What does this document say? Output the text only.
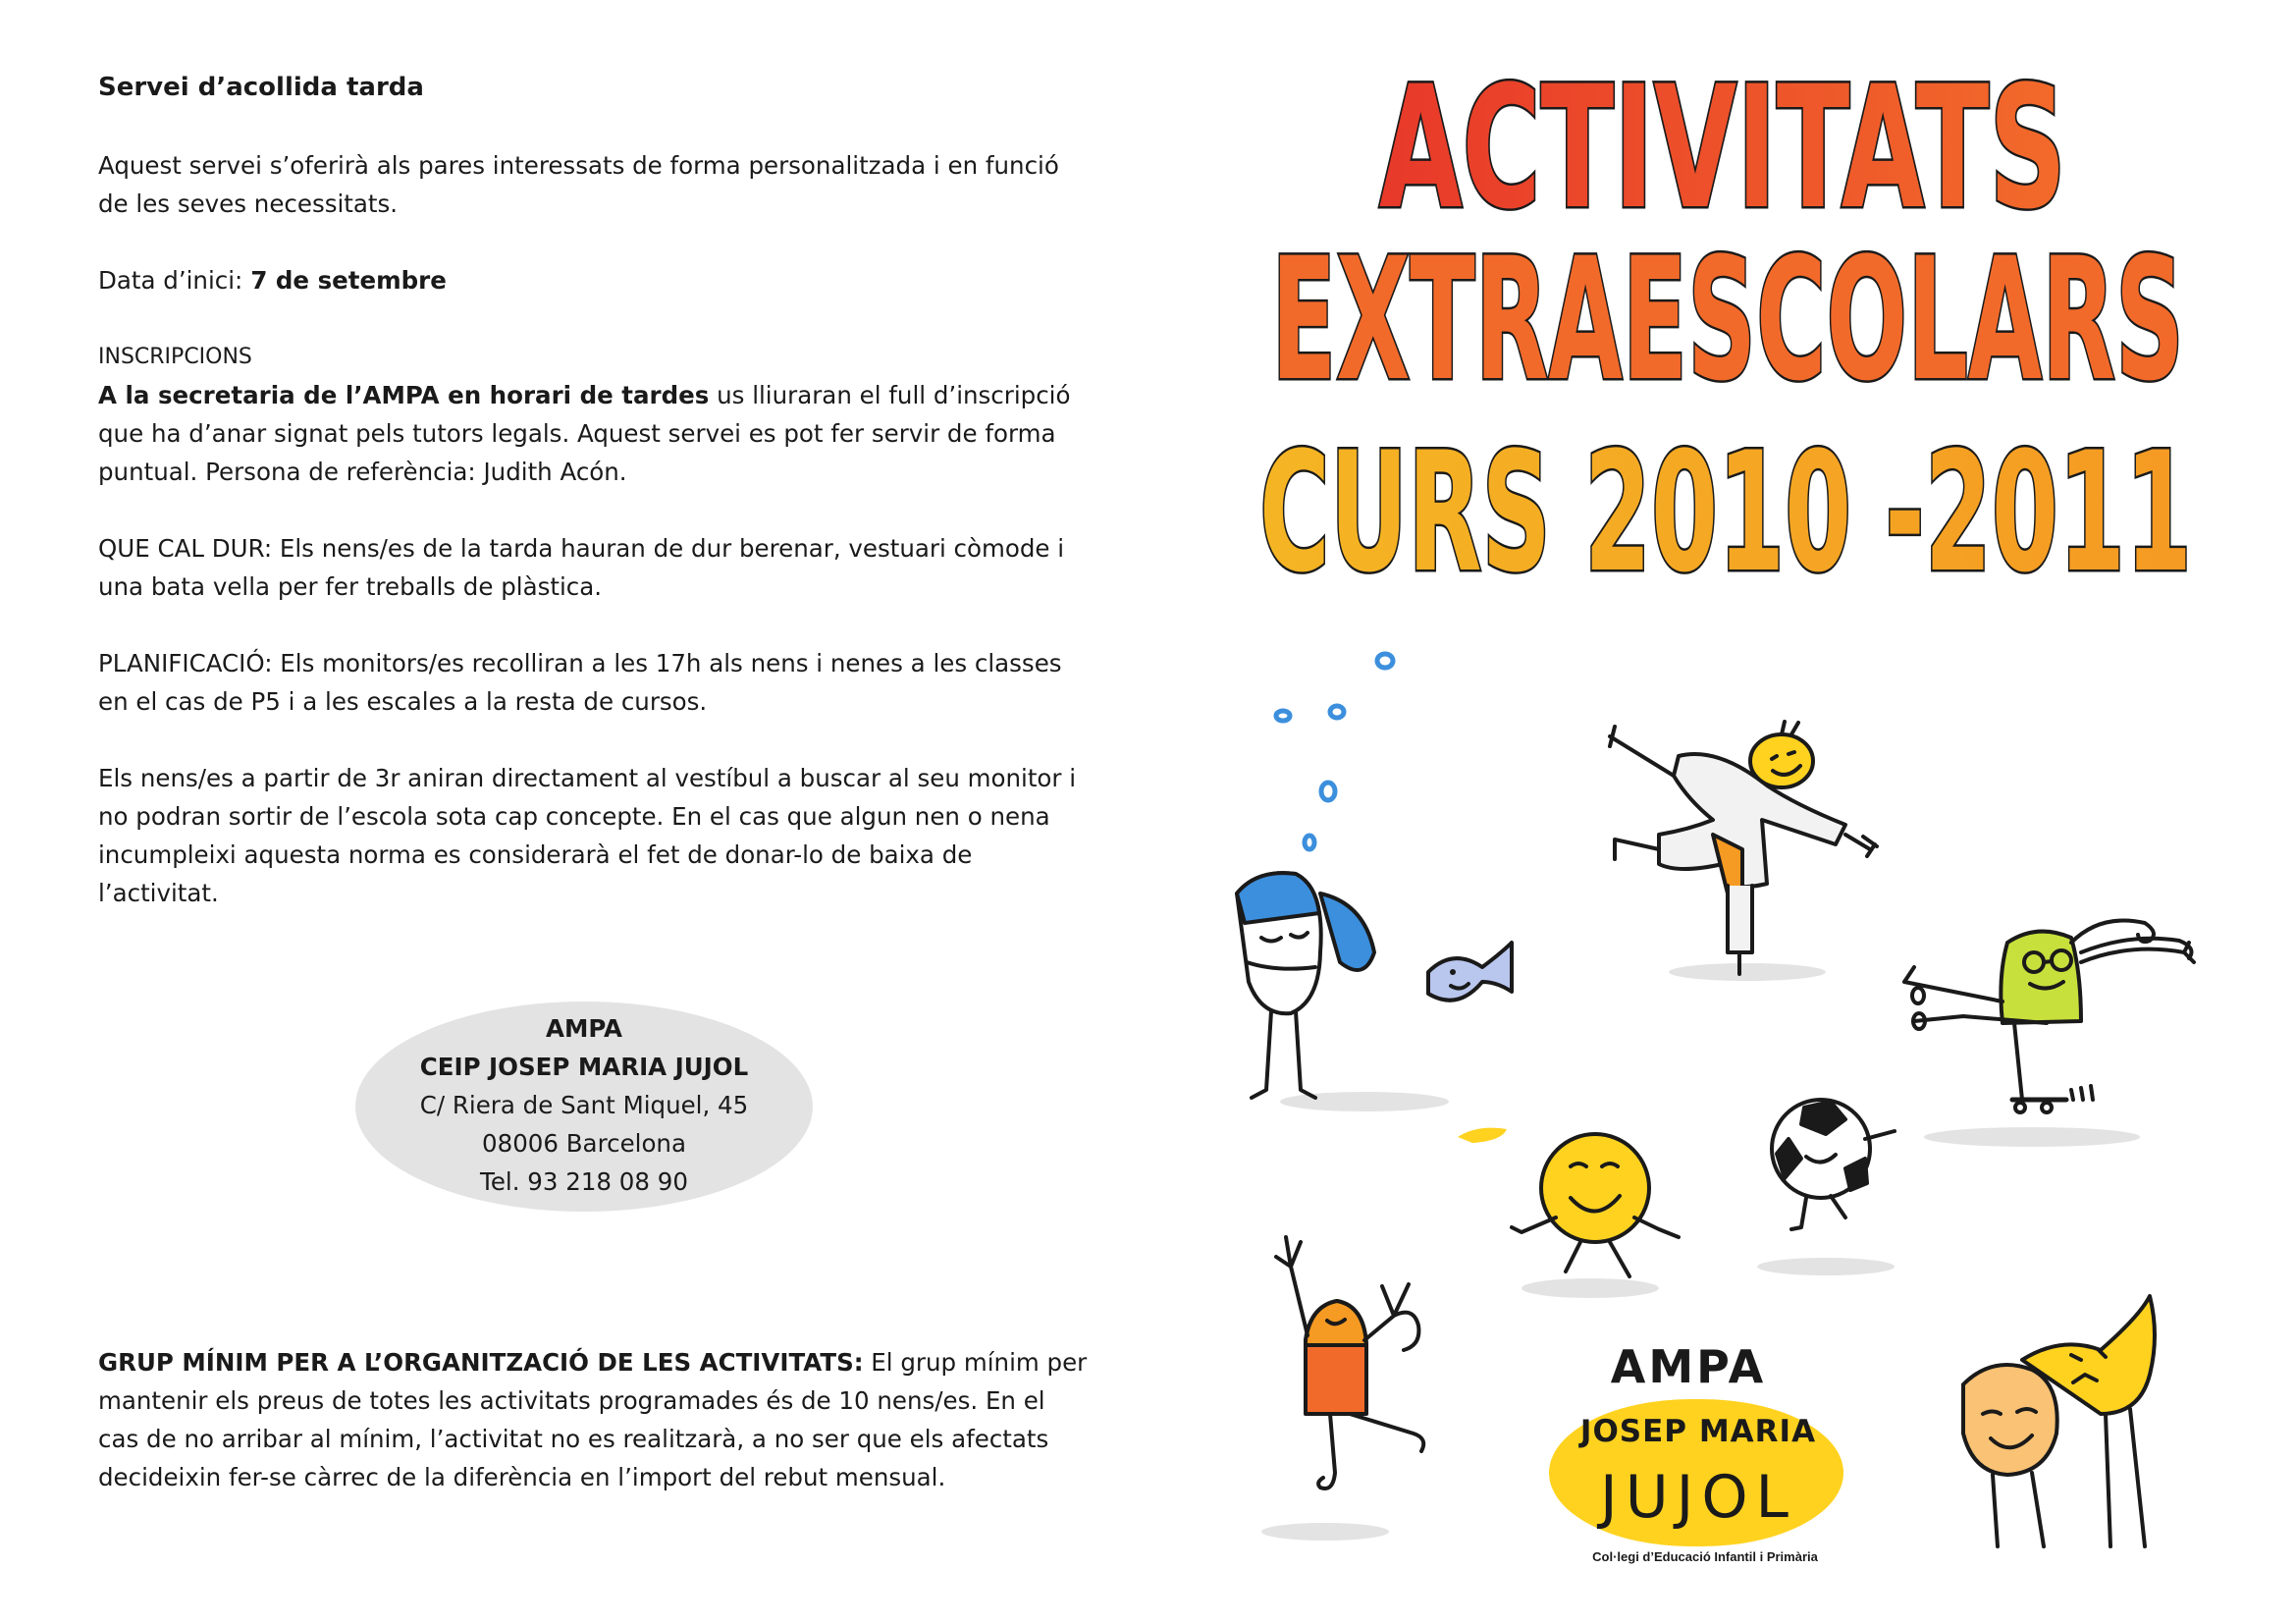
Servei d’acollida tarda

Aquest servei s’oferirà als pares interessats de forma personalitzada i en funció de les seves necessitats.

Data d’inici: 7 de setembre

INSCRIPCIONS

A la secretaria de l’AMPA en horari de tardes us lliuraran el full d’inscripció que ha d’anar signat pels tutors legals. Aquest servei es pot fer servir de forma puntual. Persona de referència: Judith Acón.

QUE CAL DUR: Els nens/es de la tarda hauran de dur berenar, vestuari còmode i una bata vella per fer treballs de plàstica.

PLANIFICACIÓ: Els monitors/es recolliran a les 17h als nens i nenes a les classes en el cas de P5 i a les escales a la resta de cursos.

Els nens/es a partir de 3r aniran directament al vestíbul a buscar al seu monitor i no podran sortir de l’escola sota cap concepte. En el cas que algun nen o nena incumpleixi aquesta norma es considerarà el fet de donar-lo de baixa de l’activitat.

AMPA
CEIP JOSEP MARIA JUJOL
C/ Riera de Sant Miquel, 45
08006 Barcelona
Tel. 93 218 08 90

GRUP MÍNIM PER A L’ORGANITZACIÓ DE LES ACTIVITATS: El grup mínim per mantenir els preus de totes les activitats programades és de 10 nens/es. En el cas de no arribar al mínim, l’activitat no es realitzarà, a no ser que els afectats decideixin fer-se càrrec de la diferència en l’import del rebut mensual.

ACTIVITATS
EXTRAESCOLARS
CURS 2010 -2011
AMPA
JOSEP MARIA
JUJOL
Col·legi d’Educació Infantil i Primària
